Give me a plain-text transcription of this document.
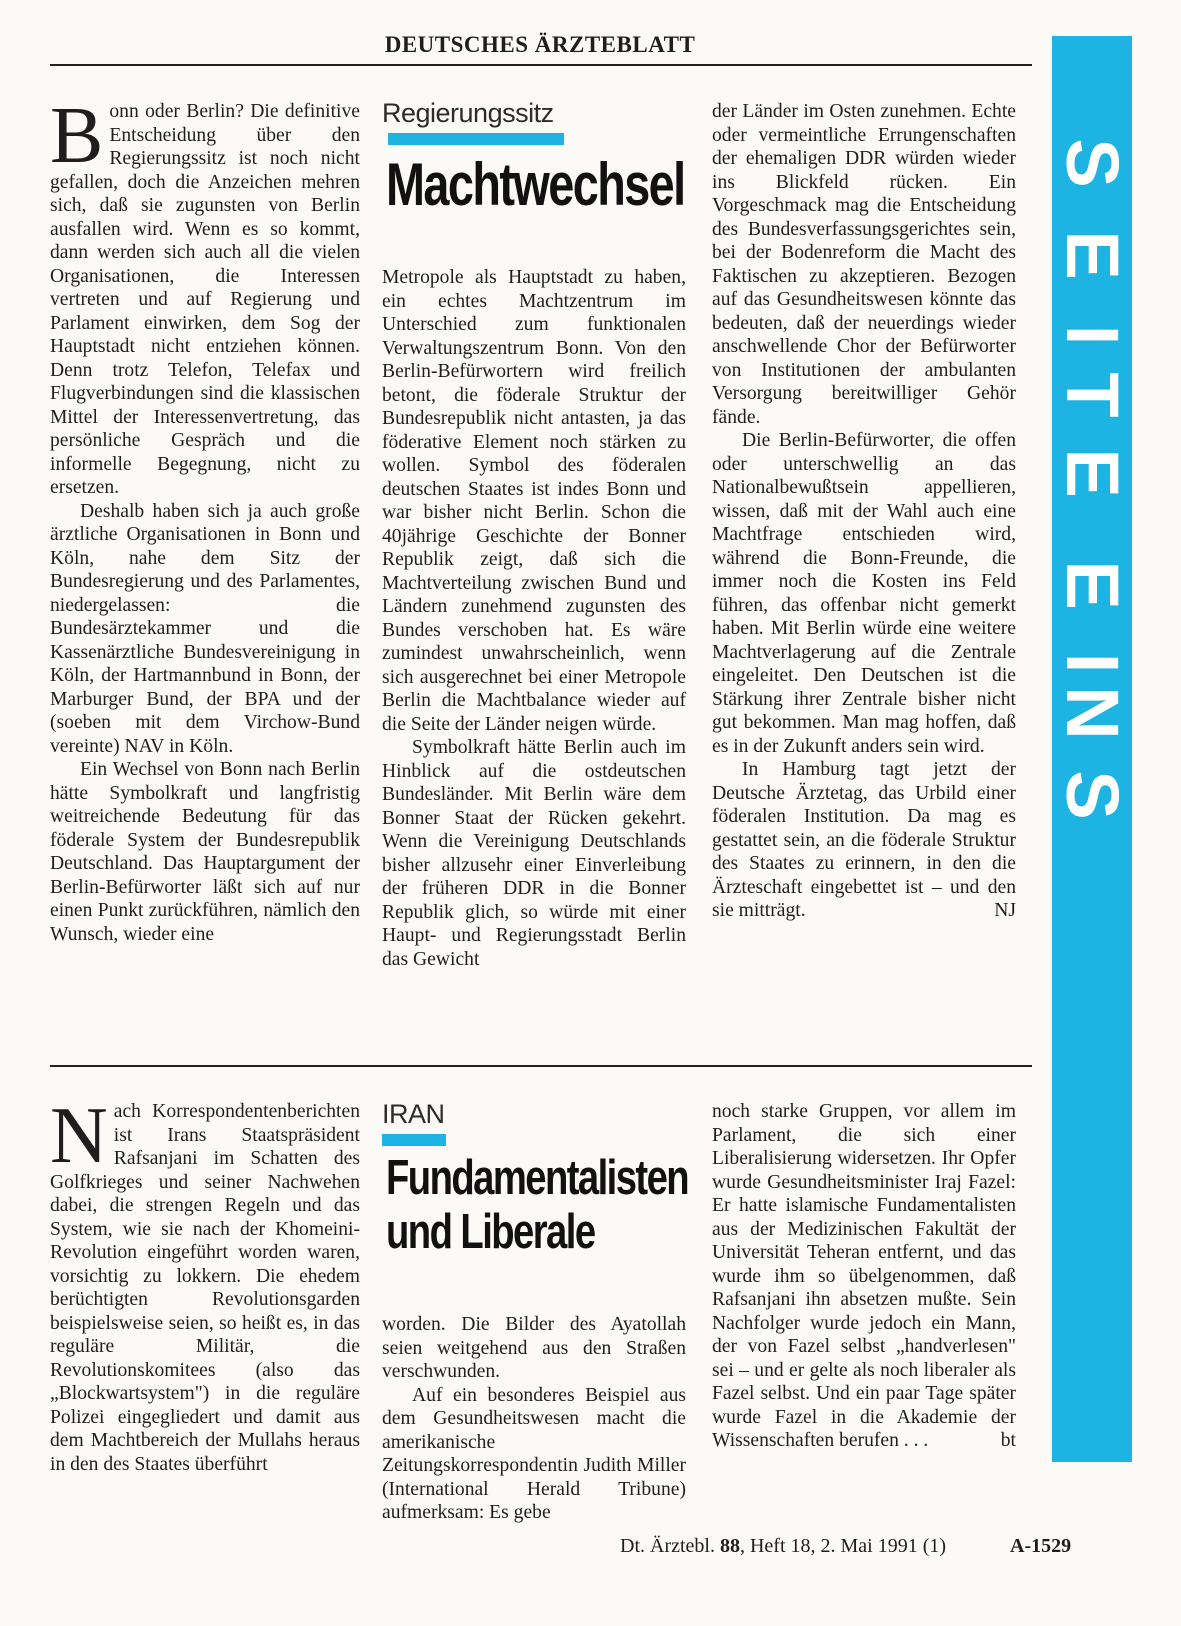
DEUTSCHES ÄRZTEBLATT
S
E
I
T
E
E
I
N
S

Bonn oder Berlin? Die definitive Entscheidung über den Regierungssitz ist noch nicht gefallen, doch die Anzeichen mehren sich, daß sie zugunsten von Berlin ausfallen wird. Wenn es so kommt, dann werden sich auch all die vielen Organisationen, die Interessen vertreten und auf Regierung und Parlament einwirken, dem Sog der Hauptstadt nicht entziehen können. Denn trotz Telefon, Telefax und Flugverbindungen sind die klassischen Mittel der Interessenvertretung, das persönliche Gespräch und die informelle Begegnung, nicht zu ersetzen.

Deshalb haben sich ja auch große ärztliche Organisationen in Bonn und Köln, nahe dem Sitz der Bundesregierung und des Parlamentes, niedergelassen: die Bundesärztekammer und die Kassenärztliche Bundesvereinigung in Köln, der Hartmannbund in Bonn, der Marburger Bund, der BPA und der (soeben mit dem Virchow-Bund vereinte) NAV in Köln.

Ein Wechsel von Bonn nach Berlin hätte Symbolkraft und langfristig weitreichende Bedeutung für das föderale System der Bundesrepublik Deutschland. Das Hauptargument der Berlin-Befürworter läßt sich auf nur einen Punkt zurückführen, nämlich den Wunsch, wieder eine

Regierungssitz
Machtwechsel

Metropole als Hauptstadt zu haben, ein echtes Machtzentrum im Unterschied zum funktionalen Verwaltungszentrum Bonn. Von den Berlin-Befürwortern wird freilich betont, die föderale Struktur der Bundesrepublik nicht antasten, ja das föderative Element noch stärken zu wollen. Symbol des föderalen deutschen Staates ist indes Bonn und war bisher nicht Berlin. Schon die 40jährige Geschichte der Bonner Republik zeigt, daß sich die Machtverteilung zwischen Bund und Ländern zunehmend zugunsten des Bundes verschoben hat. Es wäre zumindest unwahrscheinlich, wenn sich ausgerechnet bei einer Metropole Berlin die Machtbalance wieder auf die Seite der Länder neigen würde.

Symbolkraft hätte Berlin auch im Hinblick auf die ostdeutschen Bundesländer. Mit Berlin wäre dem Bonner Staat der Rücken gekehrt. Wenn die Vereinigung Deutschlands bisher allzusehr einer Einverleibung der früheren DDR in die Bonner Republik glich, so würde mit einer Haupt- und Regierungsstadt Berlin das Gewicht

der Länder im Osten zunehmen. Echte oder vermeintliche Errungenschaften der ehemaligen DDR würden wieder ins Blickfeld rücken. Ein Vorgeschmack mag die Entscheidung des Bundesverfassungsgerichtes sein, bei der Bodenreform die Macht des Faktischen zu akzeptieren. Bezogen auf das Gesundheitswesen könnte das bedeuten, daß der neuerdings wieder anschwellende Chor der Befürworter von Institutionen der ambulanten Versorgung bereitwilliger Gehör fände.

Die Berlin-Befürworter, die offen oder unterschwellig an das Nationalbewußtsein appellieren, wissen, daß mit der Wahl auch eine Machtfrage entschieden wird, während die Bonn-Freunde, die immer noch die Kosten ins Feld führen, das offenbar nicht gemerkt haben. Mit Berlin würde eine weitere Machtverlagerung auf die Zentrale eingeleitet. Den Deutschen ist die Stärkung ihrer Zentrale bisher nicht gut bekommen. Man mag hoffen, daß es in der Zukunft anders sein wird.

In Hamburg tagt jetzt der Deutsche Ärztetag, das Urbild einer föderalen Institution. Da mag es gestattet sein, an die föderale Struktur des Staates zu erinnern, in den die Ärzteschaft eingebettet ist – und den sie mitträgt.	NJ

Nach Korrespondentenberichten ist Irans Staatspräsident Rafsanjani im Schatten des Golfkrieges und seiner Nachwehen dabei, die strengen Regeln und das System, wie sie nach der Khomeini-Revolution eingeführt worden waren, vorsichtig zu lokkern. Die ehedem berüchtigten Revolutionsgarden beispielsweise seien, so heißt es, in das reguläre Militär, die Revolutionskomitees (also das „Blockwartsystem") in die reguläre Polizei eingegliedert und damit aus dem Machtbereich der Mullahs heraus in den des Staates überführt

IRAN
Fundamentalisten
und Liberale

worden. Die Bilder des Ayatollah seien weitgehend aus den Straßen verschwunden.

Auf ein besonderes Beispiel aus dem Gesundheitswesen macht die amerikanische Zeitungskorrespondentin Judith Miller (International Herald Tribune) aufmerksam: Es gebe

noch starke Gruppen, vor allem im Parlament, die sich einer Liberalisierung widersetzen. Ihr Opfer wurde Gesundheitsminister Iraj Fazel: Er hatte islamische Fundamentalisten aus der Medizinischen Fakultät der Universität Teheran entfernt, und das wurde ihm so übelgenommen, daß Rafsanjani ihn absetzen mußte. Sein Nachfolger wurde jedoch ein Mann, der von Fazel selbst „handverlesen" sei – und er gelte als noch liberaler als Fazel selbst. Und ein paar Tage später wurde Fazel in die Akademie der Wissenschaften berufen . . .	bt

Dt. Ärztebl. 88, Heft 18, 2. Mai 1991 (1)	A-1529
